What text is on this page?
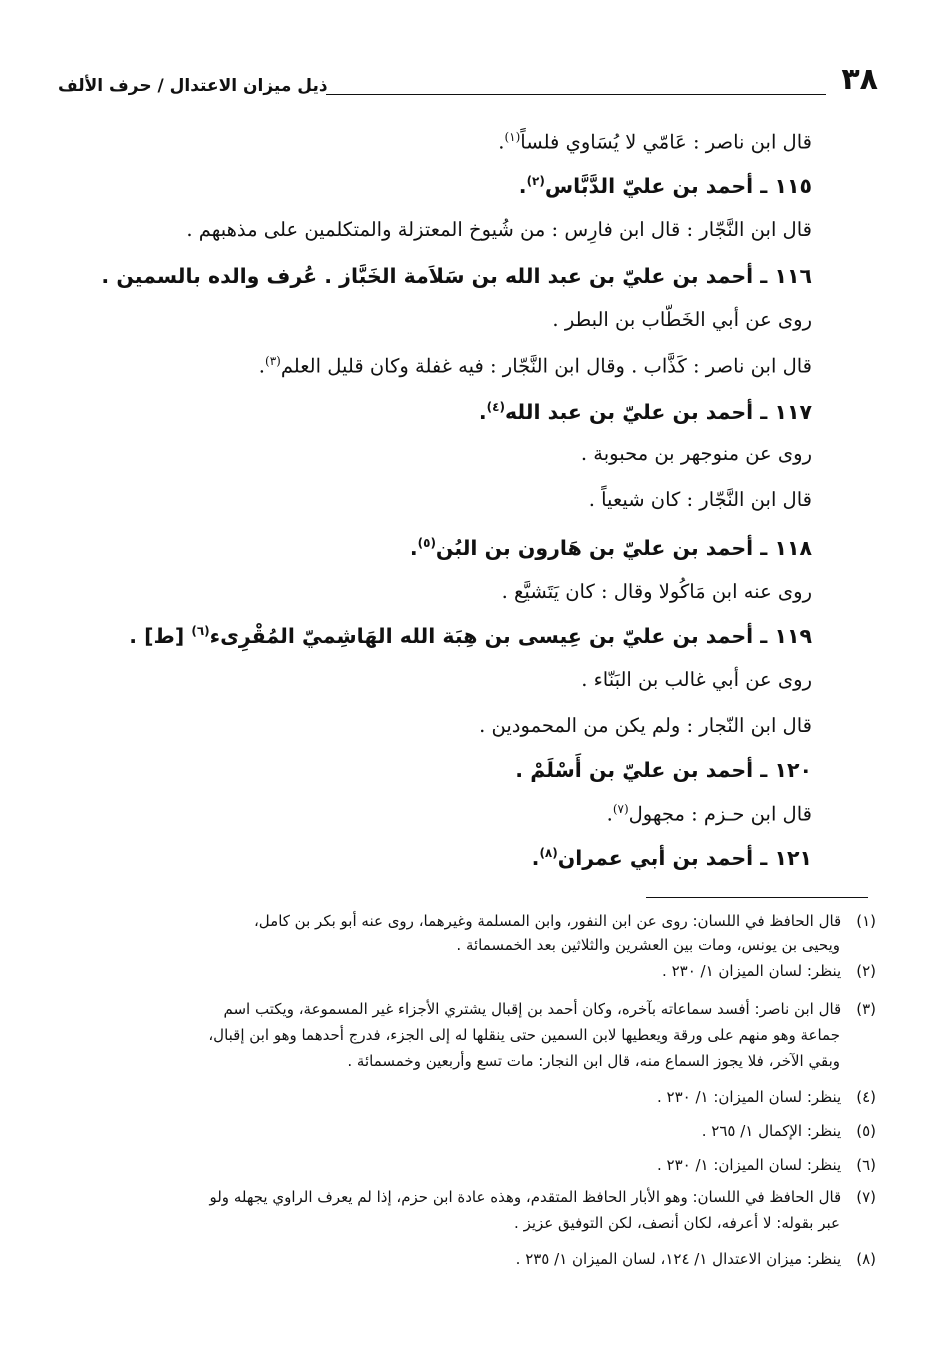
٣٨
ذيل ميزان الاعتدال / حرف الألف
قال ابن ناصر : عَامّي لا يُسَاوي فلساً$^{(١)}$.
١١٥ ـ أحمد بن عليّ الدَّبَّاس$^{(٢)}$.
قال ابن النَّجّار : قال ابن فارِس : من شُيوخ المعتزلة والمتكلمين على مذهبهم .
١١٦ ـ أحمد بن عليّ بن عبد الله بن سَلاَمة الخَبَّاز . عُرف والده بالسمين .
روى عن أبي الخَطّاب بن البطر .
قال ابن ناصر : كَذَّاب . وقال ابن النَّجّار : فيه غفلة وكان قليل العلم$^{(٣)}$.
١١٧ ـ أحمد بن عليّ بن عبد الله$^{(٤)}$.
روى عن منوجهر بن محبوبة .
قال ابن النَّجّار : كان شيعياً .
١١٨ ـ أحمد بن عليّ بن هَارون بن البُن$^{(٥)}$.
روى عنه ابن مَاكُولا وقال : كان يَتَشيَّع .
١١٩ ـ أحمد بن عليّ بن عِيسى بن هِبَة الله الهَاشِميّ المُقْرِىء$^{(٦)}$ [ط] .
روى عن أبي غالب بن البَنّاء .
قال ابن النّجار : ولم يكن من المحمودين .
١٢٠ ـ أحمد بن عليّ بن أَسْلَمْ .
قال ابن حـزم : مجهول$^{(٧)}$.
١٢١ ـ أحمد بن أبي عمران$^{(٨)}$.
(١) قال الحافظ في اللسان: روى عن ابن النفور، وابن المسلمة وغيرهما، روى عنه أبو بكر بن كامل،
ويحيى بن يونس، ومات بين العشرين والثلاثين بعد الخمسمائة .
(٢) ينظر: لسان الميزان ١/ ٢٣٠ .
(٣) قال ابن ناصر: أفسد سماعاته بآخره، وكان أحمد بن إقبال يشتري الأجزاء غير المسموعة، ويكتب اسم
جماعة وهو منهم على ورقة ويعطيها لابن السمين حتى ينقلها له إلى الجزء، فدرج أحدهما وهو ابن إقبال،
وبقي الآخر، فلا يجوز السماع منه، قال ابن النجار: مات تسع وأربعين وخمسمائة .
(٤) ينظر: لسان الميزان: ١/ ٢٣٠ .
(٥) ينظر: الإكمال ١/ ٢٦٥ .
(٦) ينظر: لسان الميزان: ١/ ٢٣٠ .
(٧) قال الحافظ في اللسان: وهو الأبار الحافظ المتقدم، وهذه عادة ابن حزم، إذا لم يعرف الراوي يجهله ولو
عبر بقوله: لا أعرفه، لكان أنصف، لكن التوفيق عزيز .
(٨) ينظر: ميزان الاعتدال ١/ ١٢٤، لسان الميزان ١/ ٢٣٥ .
